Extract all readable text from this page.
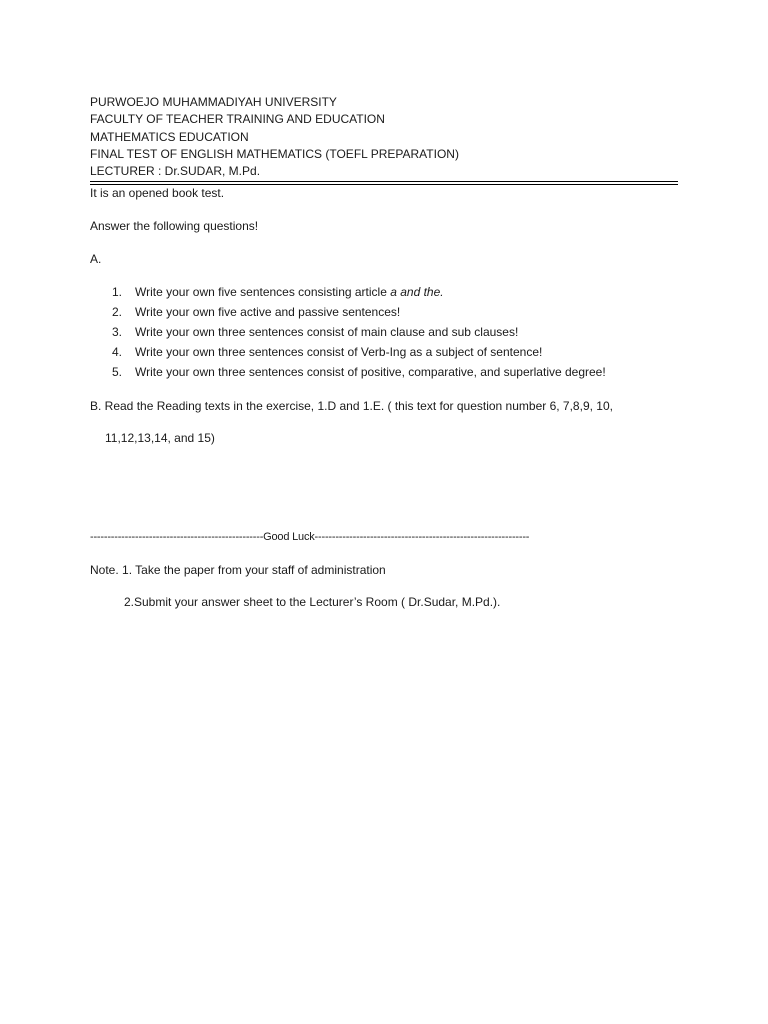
PURWOEJO MUHAMMADIYAH UNIVERSITY
FACULTY OF TEACHER TRAINING AND EDUCATION
MATHEMATICS EDUCATION
FINAL TEST OF ENGLISH MATHEMATICS (TOEFL PREPARATION)
LECTURER : Dr.SUDAR, M.Pd.
It is an opened book test.
Answer the following questions!
A.
1. Write your own five sentences consisting article a and the.
2. Write your own five active and passive sentences!
3. Write your own three sentences consist of main clause and sub clauses!
4. Write your own three sentences consist of Verb-Ing as a subject of sentence!
5. Write your own three sentences consist of positive, comparative, and superlative degree!
B. Read the Reading texts in the exercise, 1.D and 1.E. ( this text for question number 6, 7,8,9, 10,
11,12,13,14, and 15)
--------------------------------------------------Good Luck--------------------------------------------------------------
Note. 1. Take the paper from your staff of administration
2.Submit your answer sheet to the Lecturer’s Room ( Dr.Sudar, M.Pd.).
